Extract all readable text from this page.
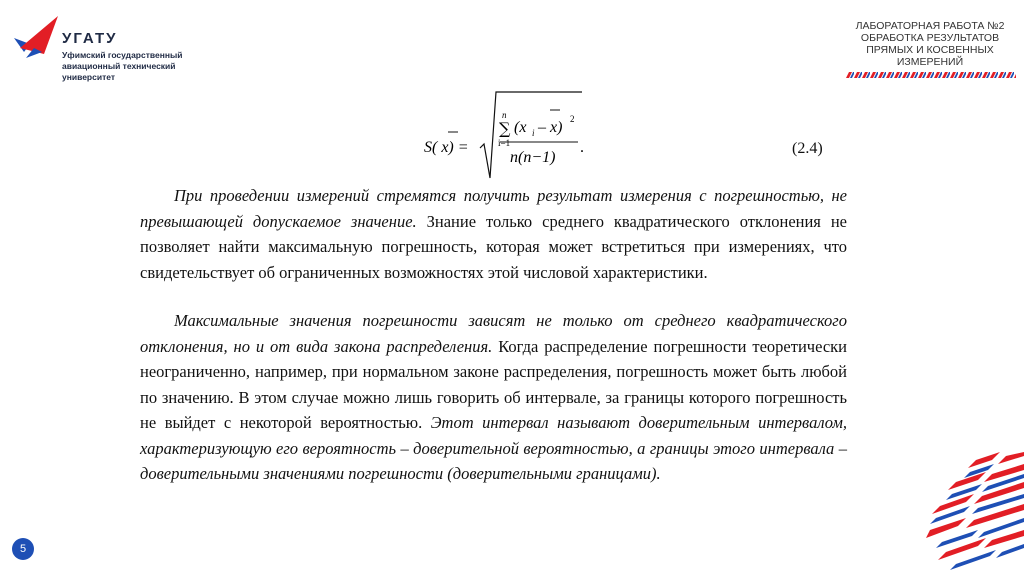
УГАТУ
Уфимский государственный авиационный технический университет
ЛАБОРАТОРНАЯ РАБОТА №2 ОБРАБОТКА РЕЗУЛЬТАТОВ ПРЯМЫХ И КОСВЕННЫХ ИЗМЕРЕНИЙ
S( x) =
n
∑
i=1
(x i – x) 2
n(n−1)
.	(2.4)

При проведении измерений стремятся получить результат измерения с погрешностью, не превышающей допускаемое значение. Знание только среднего квадратического отклонения не позволяет найти максимальную погрешность, которая может встретиться при измерениях, что свидетельствует об ограниченных возможностях этой числовой характеристики.

Максимальные значения погрешности зависят не только от среднего квадратического отклонения, но и от вида закона распределения. Когда распределение погрешности теоретически неограниченно, например, при нормальном законе распределения, погрешность может быть любой по значению. В этом случае можно лишь говорить об интервале, за границы которого погрешность не выйдет с некоторой вероятностью. Этот интервал называют доверительным интервалом, характеризующую его вероятность – доверительной вероятностью, а границы этого интервала – доверительными значениями погрешности (доверительными границами).

5
